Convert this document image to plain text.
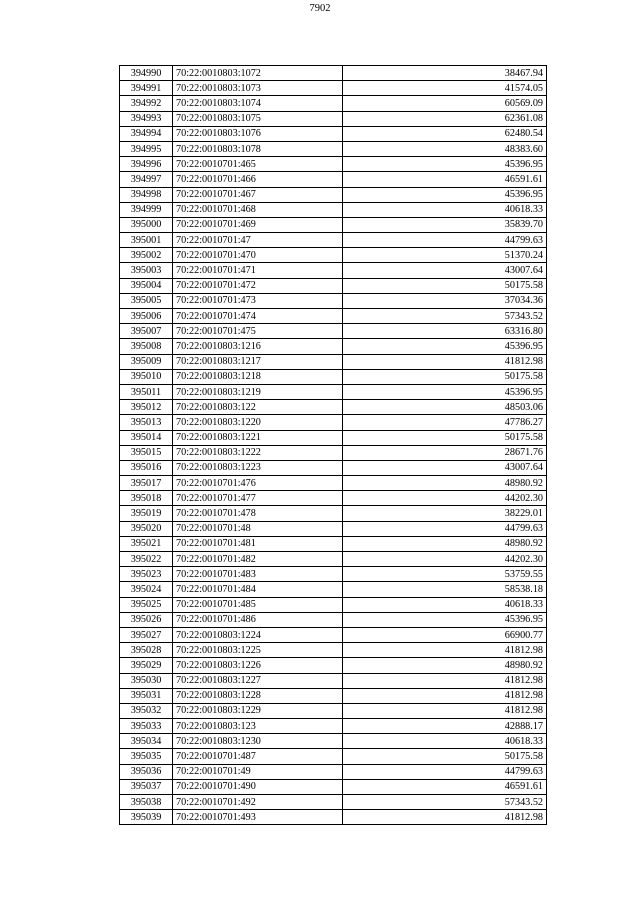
7902
394990	70:22:0010803:1072	38467.94
394991	70:22:0010803:1073	41574.05
394992	70:22:0010803:1074	60569.09
394993	70:22:0010803:1075	62361.08
394994	70:22:0010803:1076	62480.54
394995	70:22:0010803:1078	48383.60
394996	70:22:0010701:465	45396.95
394997	70:22:0010701:466	46591.61
394998	70:22:0010701:467	45396.95
394999	70:22:0010701:468	40618.33
395000	70:22:0010701:469	35839.70
395001	70:22:0010701:47	44799.63
395002	70:22:0010701:470	51370.24
395003	70:22:0010701:471	43007.64
395004	70:22:0010701:472	50175.58
395005	70:22:0010701:473	37034.36
395006	70:22:0010701:474	57343.52
395007	70:22:0010701:475	63316.80
395008	70:22:0010803:1216	45396.95
395009	70:22:0010803:1217	41812.98
395010	70:22:0010803:1218	50175.58
395011	70:22:0010803:1219	45396.95
395012	70:22:0010803:122	48503.06
395013	70:22:0010803:1220	47786.27
395014	70:22:0010803:1221	50175.58
395015	70:22:0010803:1222	28671.76
395016	70:22:0010803:1223	43007.64
395017	70:22:0010701:476	48980.92
395018	70:22:0010701:477	44202.30
395019	70:22:0010701:478	38229.01
395020	70:22:0010701:48	44799.63
395021	70:22:0010701:481	48980.92
395022	70:22:0010701:482	44202.30
395023	70:22:0010701:483	53759.55
395024	70:22:0010701:484	58538.18
395025	70:22:0010701:485	40618.33
395026	70:22:0010701:486	45396.95
395027	70:22:0010803:1224	66900.77
395028	70:22:0010803:1225	41812.98
395029	70:22:0010803:1226	48980.92
395030	70:22:0010803:1227	41812.98
395031	70:22:0010803:1228	41812.98
395032	70:22:0010803:1229	41812.98
395033	70:22:0010803:123	42888.17
395034	70:22:0010803:1230	40618.33
395035	70:22:0010701:487	50175.58
395036	70:22:0010701:49	44799.63
395037	70:22:0010701:490	46591.61
395038	70:22:0010701:492	57343.52
395039	70:22:0010701:493	41812.98
